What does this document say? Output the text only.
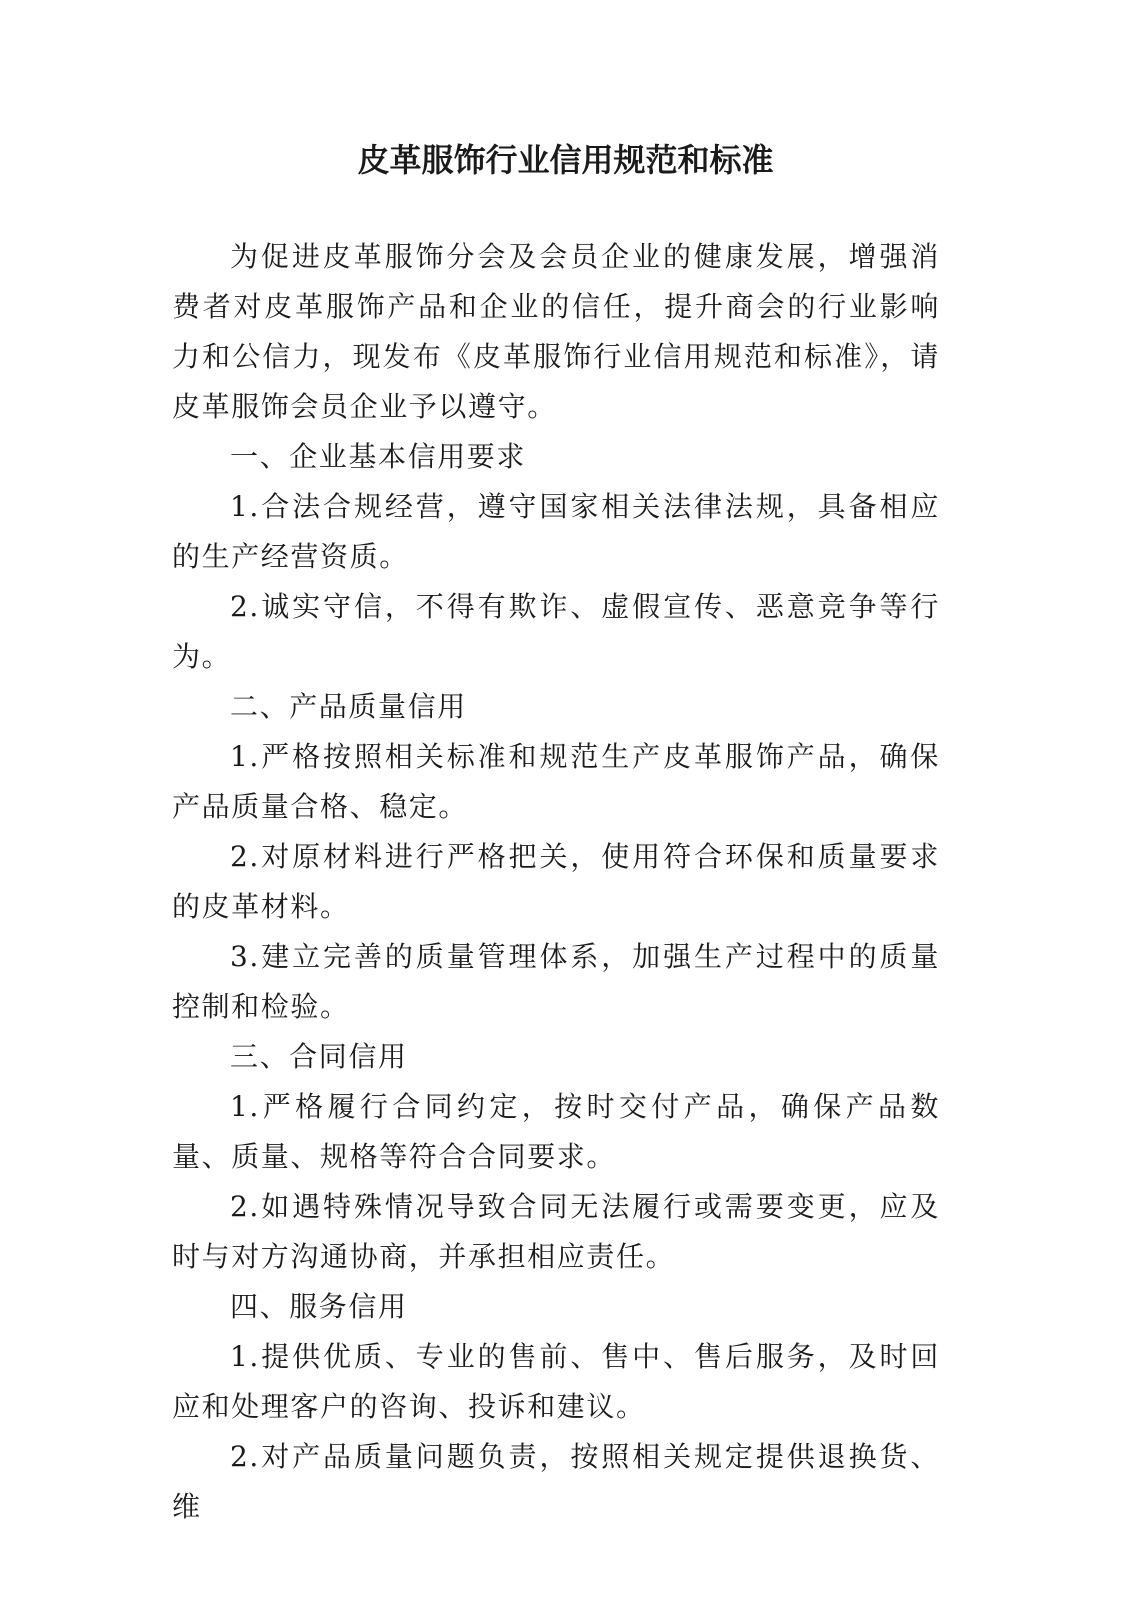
皮革服饰行业信用规范和标准

为促进皮革服饰分会及会员企业的健康发展，增强消费者对皮革服饰产品和企业的信任，提升商会的行业影响力和公信力，现发布《皮革服饰行业信用规范和标准》，请皮革服饰会员企业予以遵守。

一、企业基本信用要求

1.合法合规经营，遵守国家相关法律法规，具备相应的生产经营资质。

2.诚实守信，不得有欺诈、虚假宣传、恶意竞争等行为。

二、产品质量信用

1.严格按照相关标准和规范生产皮革服饰产品，确保产品质量合格、稳定。

2.对原材料进行严格把关，使用符合环保和质量要求的皮革材料。

3.建立完善的质量管理体系，加强生产过程中的质量控制和检验。

三、合同信用

1.严格履行合同约定，按时交付产品，确保产品数量、质量、规格等符合合同要求。

2.如遇特殊情况导致合同无法履行或需要变更，应及时与对方沟通协商，并承担相应责任。

四、服务信用

1.提供优质、专业的售前、售中、售后服务，及时回应和处理客户的咨询、投诉和建议。

2.对产品质量问题负责，按照相关规定提供退换货、维
